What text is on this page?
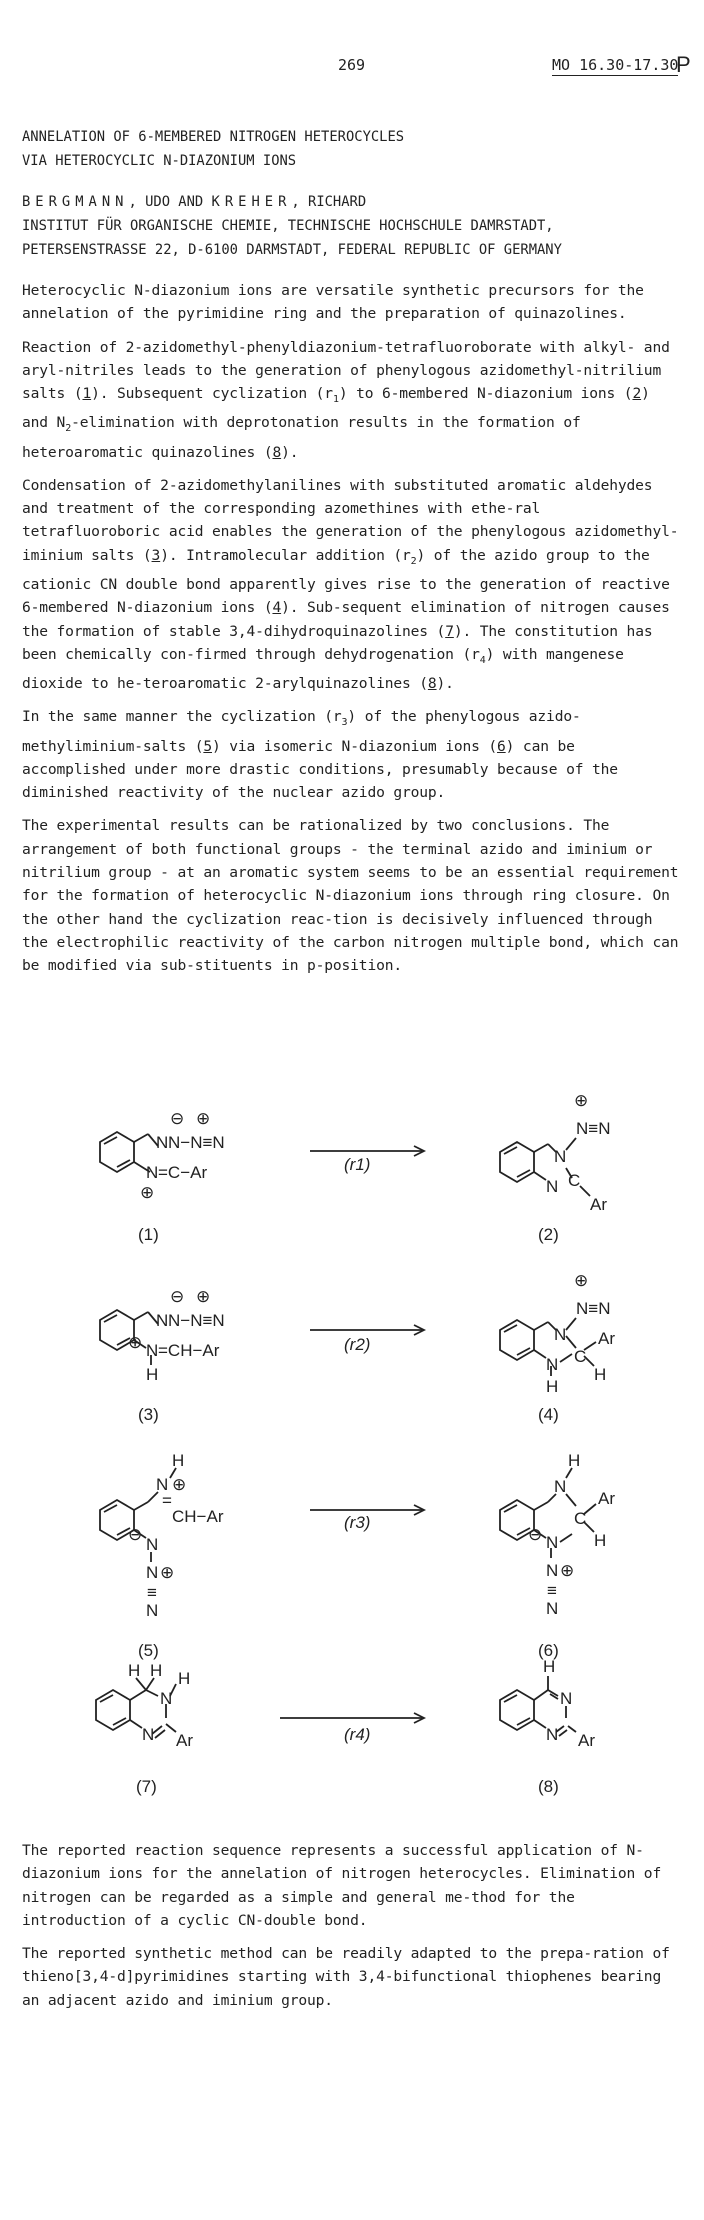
269	MO 16.30-17.30
P
ANNELATION OF 6-MEMBERED NITROGEN HETEROCYCLES
VIA HETEROCYCLIC N-DIAZONIUM IONS
BERGMANN, UDO AND KREHER, RICHARD
INSTITUT FÜR ORGANISCHE CHEMIE, TECHNISCHE HOCHSCHULE DAMRSTADT,
PETERSENSTRASSE 22, D-6100 DARMSTADT, FEDERAL REPUBLIC OF GERMANY

Heterocyclic N-diazonium ions are versatile synthetic precursors for the annelation of the pyrimidine ring and the preparation of quinazolines.

Reaction of 2-azidomethyl-phenyldiazonium-tetrafluoroborate with alkyl- and aryl-nitriles leads to the generation of phenylogous azidomethyl-nitrilium salts (1). Subsequent cyclization $(r_1)$ to 6-membered N-diazonium ions (2) and $N_2$-elimination with deprotonation results in the formation of heteroaromatic quinazolines (8).

Condensation of 2-azidomethylanilines with substituted aromatic aldehydes and treatment of the corresponding azomethines with ethe-ral tetrafluoroboric acid enables the generation of the phenylogous azidomethyl-iminium salts (3). Intramolecular addition $(r_2)$ of the azido group to the cationic CN double bond apparently gives rise to the generation of reactive 6-membered N-diazonium ions (4). Sub-sequent elimination of nitrogen causes the formation of stable 3,4-dihydroquinazolines (7). The constitution has been chemically con-firmed through dehydrogenation $(r_4)$ with mangenese dioxide to he-teroaromatic 2-arylquinazolines (8).

In the same manner the cyclization $(r_3)$ of the phenylogous azido-methyliminium-salts (5) via isomeric N-diazonium ions (6) can be accomplished under more drastic conditions, presumably because of the diminished reactivity of the nuclear azido group.

The experimental results can be rationalized by two conclusions. The arrangement of both functional groups - the terminal azido and iminium or nitrilium group - at an aromatic system seems to be an essential requirement for the formation of heterocyclic N-diazonium ions through ring closure. On the other hand the cyclization reac-tion is decisively influenced through the electrophilic reactivity of the carbon nitrogen multiple bond, which can be modified via sub-stituents in p-position.

⊖ ⊕
N N−N≡N
N =C−Ar
⊕
(1)
(r1)
⊕
N≡N
N
N C
Ar
(2)
⊖ ⊕
N N−N≡N
⊕ N =CH−Ar
H
(3)
(r2)
⊕
N≡N
N Ar
C
N
H
H
(4)
H
N ⊕
=
CH−Ar
⊖
N
N ⊕
≡
N
(5)
(r3)
H
N
Ar
C
H
⊖ N
N ⊕
≡
N
(6)
H H H
N
N Ar
(7)
(r4)
H
N
N Ar
(8)

The reported reaction sequence represents a successful application of N-diazonium ions for the annelation of nitrogen heterocycles. Elimination of nitrogen can be regarded as a simple and general me-thod for the introduction of a cyclic CN-double bond.

The reported synthetic method can be readily adapted to the prepa-ration of thieno[3,4-d]pyrimidines starting with 3,4-bifunctional thiophenes bearing an adjacent azido and iminium group.
